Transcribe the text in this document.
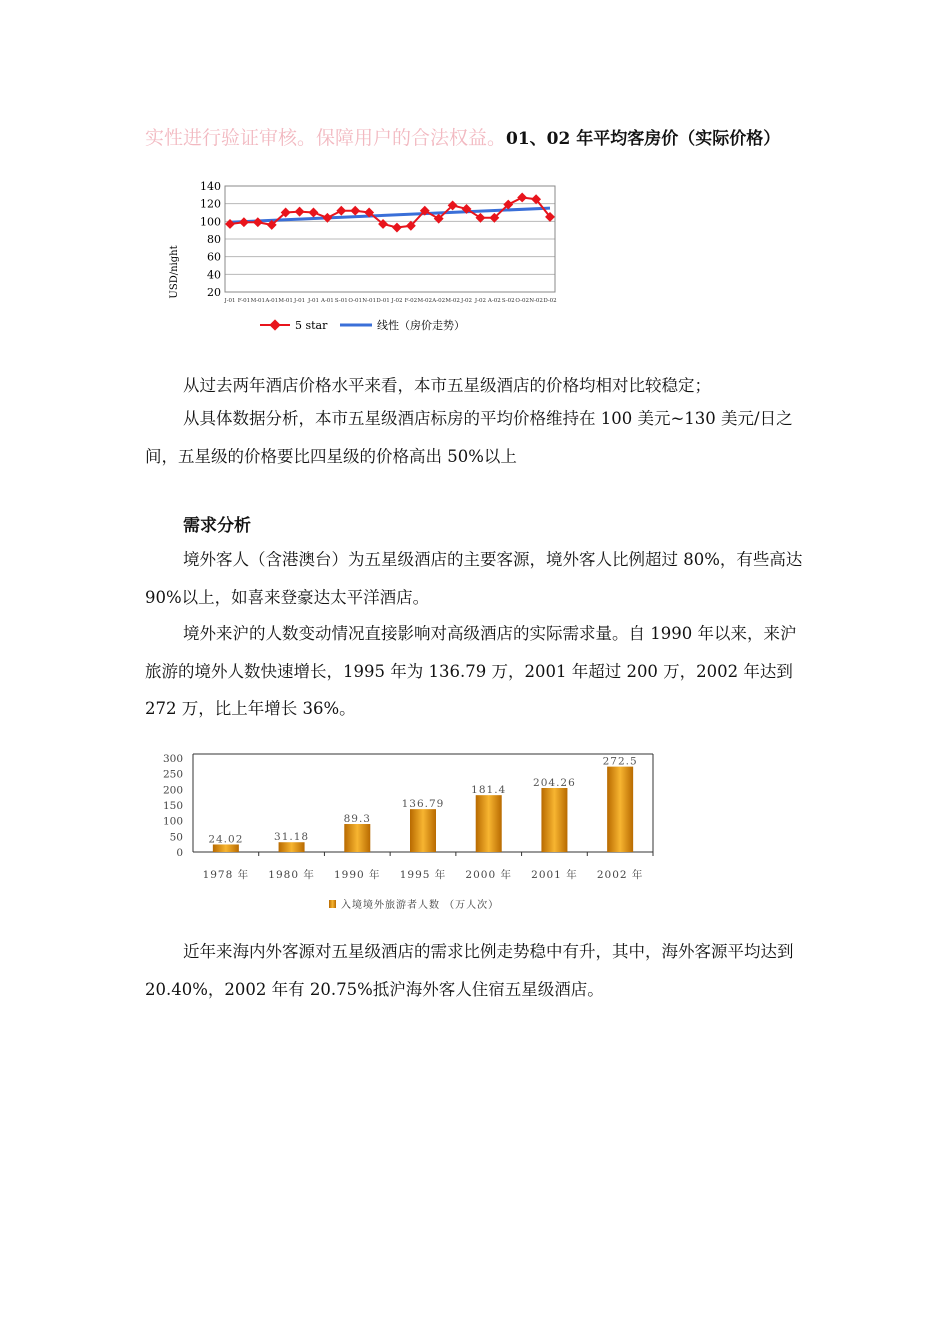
实性进行验证审核。保障用户的合法权益。01、02 年平均客房价（实际价格）
20
40
60
80
100
120
140
J-01 F-01 M-01 A-01 M-01 J-01 J-01 A-01 S-01 O-01 N-01 D-01 J-02 F-02 M-02 A-02 M-02 J-02 J-02 A-02 S-02 O-02 N-02 D-02
USD/night
5 star	线性（房价走势）
从过去两年酒店价格水平来看，本市五星级酒店的价格均相对比较稳定；
从具体数据分析，本市五星级酒店标房的平均价格维持在 100 美元~130 美元/日之间，五星级的价格要比四星级的价格高出 50%以上
需求分析
境外客人（含港澳台）为五星级酒店的主要客源，境外客人比例超过 80%，有些高达 90%以上，如喜来登豪达太平洋酒店。
境外来沪的人数变动情况直接影响对高级酒店的实际需求量。自 1990 年以来，来沪旅游的境外人数快速增长，1995 年为 136.79 万，2001 年超过 200 万，2002 年达到 272 万，比上年增长 36%。
0
50
100
150
200
250
300
24.02	31.18
89.3
136.79
181.4
204.26
272.5
1978 年 1980 年 1990 年 1995 年 2000 年 2001 年 2002 年
入境境外旅游者人数 （万人次）
近年来海内外客源对五星级酒店的需求比例走势稳中有升，其中，海外客源平均达到 20.40%，2002 年有 20.75%抵沪海外客人住宿五星级酒店。
